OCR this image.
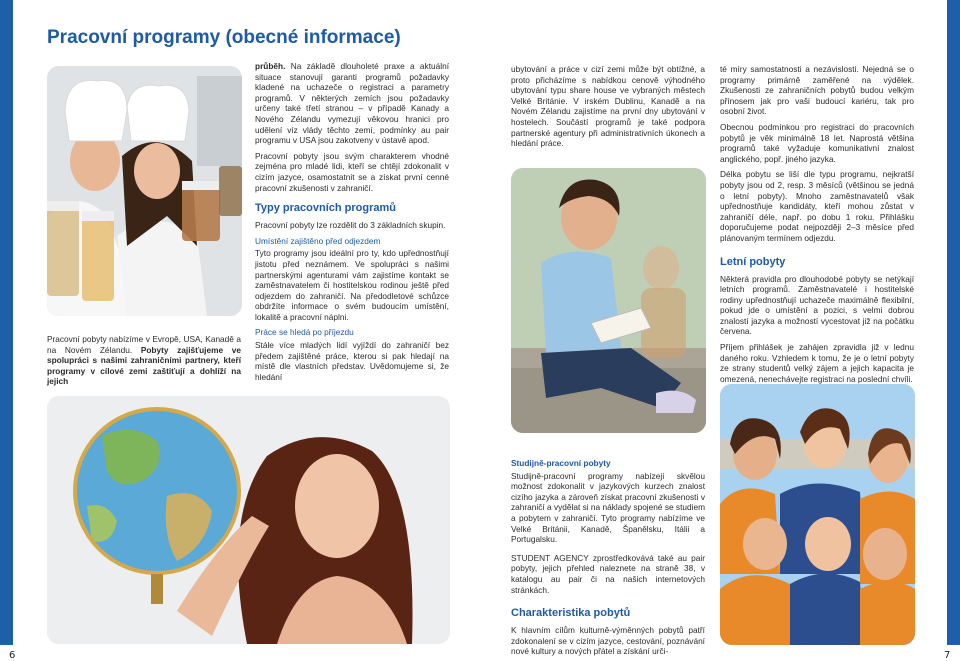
6	7
Pracovní programy (obecné informace)

Pracovní pobyty nabízíme v Evropě, USA, Kanadě a na Novém Zélandu. Pobyty zajišťujeme ve spolupráci s našimi zahraničními partnery, kteří programy v cílové zemi zaštiťují a dohlíží na jejich

průběh. Na základě dlouholeté praxe a aktuální situace stanovují garanti programů požadavky kladené na uchazeče o registraci a parametry programů. V některých zemích jsou požadavky určeny také třetí stranou – v případě Kanady a Nového Zélandu vymezují věkovou hranici pro udělení víz vlády těchto zemí, podmínky au pair programu v USA jsou zakotveny v ústavě apod.

Pracovní pobyty jsou svým charakterem vhodné zejména pro mladé lidi, kteří se chtějí zdokonalit v cizím jazyce, osamostatnit se a získat první cenné pracovní zkušenosti v zahraničí.

Typy pracovních programů

Pracovní pobyty lze rozdělit do 3 základních skupin.

Umístění zajištěno před odjezdem

Tyto programy jsou ideální pro ty, kdo upřednostňují jistotu před neznámem. Ve spolupráci s našimi partnerskými agenturami vám zajistíme kontakt se zaměstnavatelem či hostitelskou rodinou ještě před odjezdem do zahraničí. Na předodletové schůzce obdržíte informace o svém budoucím umístění, lokalitě a pracovní náplni.

Práce se hledá po příjezdu

Stále více mladých lidí vyjíždí do zahraničí bez předem zajištěné práce, kterou si pak hledají na místě dle vlastních představ. Uvědomujeme si, že hledání

ubytování a práce v cizí zemi může být obtížné, a proto přicházíme s nabídkou cenově výhodného ubytování typu share house ve vybraných městech Velké Británie. V irském Dublinu, Kanadě a na Novém Zélandu zajistíme na první dny ubytování v hostelech. Součástí programů je také podpora partnerské agentury při administrativních úkonech a hledání práce.

Studijně-pracovní pobyty

Studijně-pracovní programy nabízejí skvělou možnost zdokonalit v jazykových kurzech znalost cizího jazyka a zároveň získat pracovní zkušenosti v zahraničí a vydělat si na náklady spojené se studiem a pobytem v zahraničí. Tyto programy nabízíme ve Velké Británii, Kanadě, Španělsku, Itálii a Portugalsku.

STUDENT AGENCY zprostředkovává také au pair pobyty, jejich přehled naleznete na straně 38, v katalogu au pair či na našich internetových stránkách.

Charakteristika pobytů

K hlavním cílům kulturně-výměnných pobytů patří zdokonalení se v cizím jazyce, cestování, poznávání nové kultury a nových přátel a získání urči-

té míry samostatnosti a nezávislosti. Nejedná se o programy primárně zaměřené na výdělek. Zkušenosti ze zahraničních pobytů budou velkým přínosem jak pro vaši budoucí kariéru, tak pro osobní život.

Obecnou podmínkou pro registraci do pracovních pobytů je věk minimálně 18 let. Naprostá většina programů také vyžaduje komunikativní znalost anglického, popř. jiného jazyka.

Délka pobytu se liší dle typu programu, nejkratší pobyty jsou od 2, resp. 3 měsíců (většinou se jedná o letní pobyty). Mnoho zaměstnavatelů však upřednostňuje kandidáty, kteří mohou zůstat v zahraničí déle, např. po dobu 1 roku. Přihlášku doporučujeme podat nejpozději 2–3 měsíce před plánovaným termínem odjezdu.

Letní pobyty

Některá pravidla pro dlouhodobé pobyty se netýkají letních programů. Zaměstnavatelé i hostitelské rodiny upřednostňují uchazeče maximálně flexibilní, pokud jde o umístění a pozici, s velmi dobrou znalostí jazyka a možností vycestovat již na počátku červena.

Příjem přihlášek je zahájen zpravidla již v lednu daného roku. Vzhledem k tomu, že je o letní pobyty ze strany studentů velký zájem a jejich kapacita je omezená, nenechávejte registraci na poslední chvíli.
